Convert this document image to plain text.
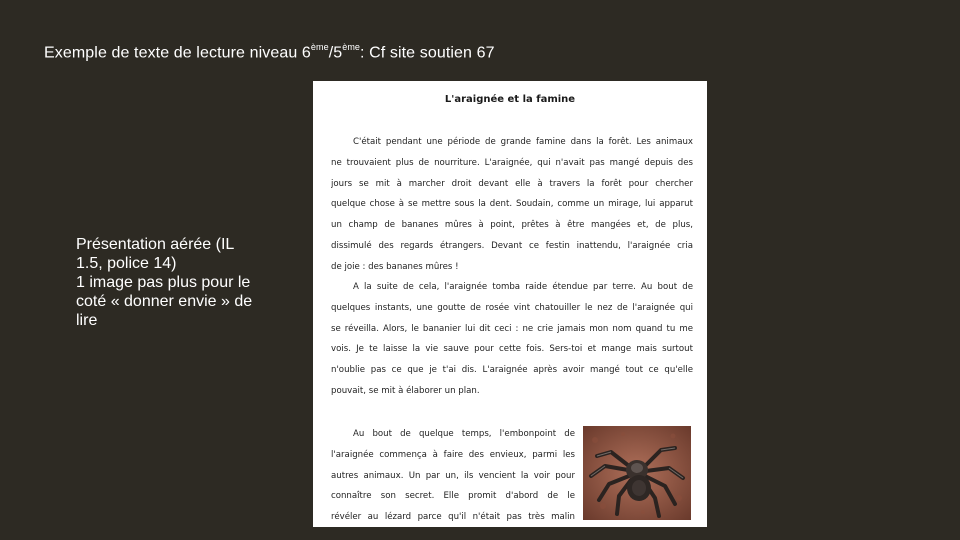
Exemple de texte de lecture niveau 6ème/5ème: Cf site soutien 67
Présentation aérée (IL
1.5, police 14)
1 image pas plus pour le
coté « donner envie » de
lire
L'araignée et la famine
C'était pendant une période de grande famine dans la forêt. Les animaux
ne trouvaient plus de nourriture. L'araignée, qui n'avait pas mangé depuis des
jours se mit à marcher droit devant elle à travers la forêt pour chercher
quelque chose à se mettre sous la dent. Soudain, comme un mirage, lui apparut
un champ de bananes mûres à point, prêtes à être mangées et, de plus,
dissimulé des regards étrangers. Devant ce festin inattendu, l'araignée cria
de joie : des bananes mûres !
A la suite de cela, l'araignée tomba raide étendue par terre. Au bout de
quelques instants, une goutte de rosée vint chatouiller le nez de l'araignée qui
se réveilla. Alors, le bananier lui dit ceci : ne crie jamais mon nom quand tu me
vois. Je te laisse la vie sauve pour cette fois. Sers-toi et mange mais surtout
n'oublie pas ce que je t'ai dis. L'araignée après avoir mangé tout ce qu'elle
pouvait, se mit à élaborer un plan.
Au bout de quelque temps, l'embonpoint de
l'araignée commença à faire des envieux, parmi les
autres animaux. Un par un, ils vencient la voir pour
connaître son secret. Elle promit d'abord de le
révéler au lézard parce qu'il n'était pas très malin
